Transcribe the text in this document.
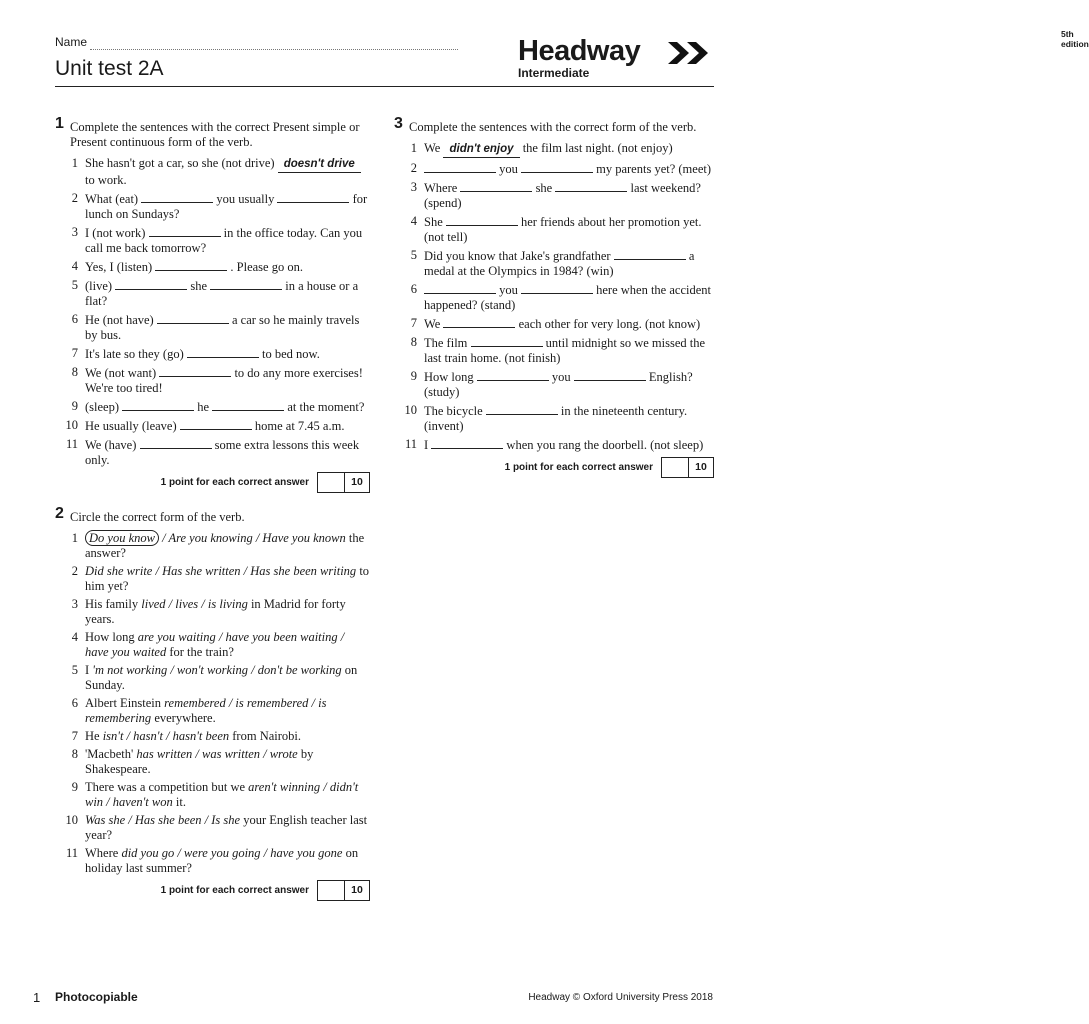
Name
Unit test 2A
5th edition
Headway
Intermediate
1 Complete the sentences with the correct Present simple or Present continuous form of the verb.
1 She hasn't got a car, so she (not drive) doesn't drive to work.
2 What (eat)	you usually	for lunch on Sundays?
3 I (not work)	in the office today. Can you call me back tomorrow?
4 Yes, I (listen)	. Please go on.
5 (live)	she	in a house or a flat?
6 He (not have)	a car so he mainly travels by bus.
7 It's late so they (go)	to bed now.
8 We (not want)	to do any more exercises! We're too tired!
9 (sleep)	he	at the moment?
10 He usually (leave)	home at 7.45 a.m.
11 We (have)	some extra lessons this week only.
1 point for each correct answer	10
2 Circle the correct form of the verb.
1 Do you know / Are you knowing / Have you known the answer?
2 Did she write / Has she written / Has she been writing to him yet?
3 His family lived / lives / is living in Madrid for forty years.
4 How long are you waiting / have you been waiting / have you waited for the train?
5 I 'm not working / won't working / don't be working on Sunday.
6 Albert Einstein remembered / is remembered / is remembering everywhere.
7 He isn't / hasn't / hasn't been from Nairobi.
8 'Macbeth' has written / was written / wrote by Shakespeare.
9 There was a competition but we aren't winning / didn't win / haven't won it.
10 Was she / Has she been / Is she your English teacher last year?
11 Where did you go / were you going / have you gone on holiday last summer?
1 point for each correct answer	10
3 Complete the sentences with the correct form of the verb.
1 We didn't enjoy the film last night. (not enjoy)
2	you	my parents yet? (meet)
3 Where	she	last weekend? (spend)
4 She	her friends about her promotion yet. (not tell)
5 Did you know that Jake's grandfather	a medal at the Olympics in 1984? (win)
6	you	here when the accident happened? (stand)
7 We	each other for very long. (not know)
8 The film	until midnight so we missed the last train home. (not finish)
9 How long	you	English? (study)
10 The bicycle	in the nineteenth century. (invent)
11 I	when you rang the doorbell. (not sleep)
1 point for each correct answer	10
1 Photocopiable	Headway © Oxford University Press 2018
